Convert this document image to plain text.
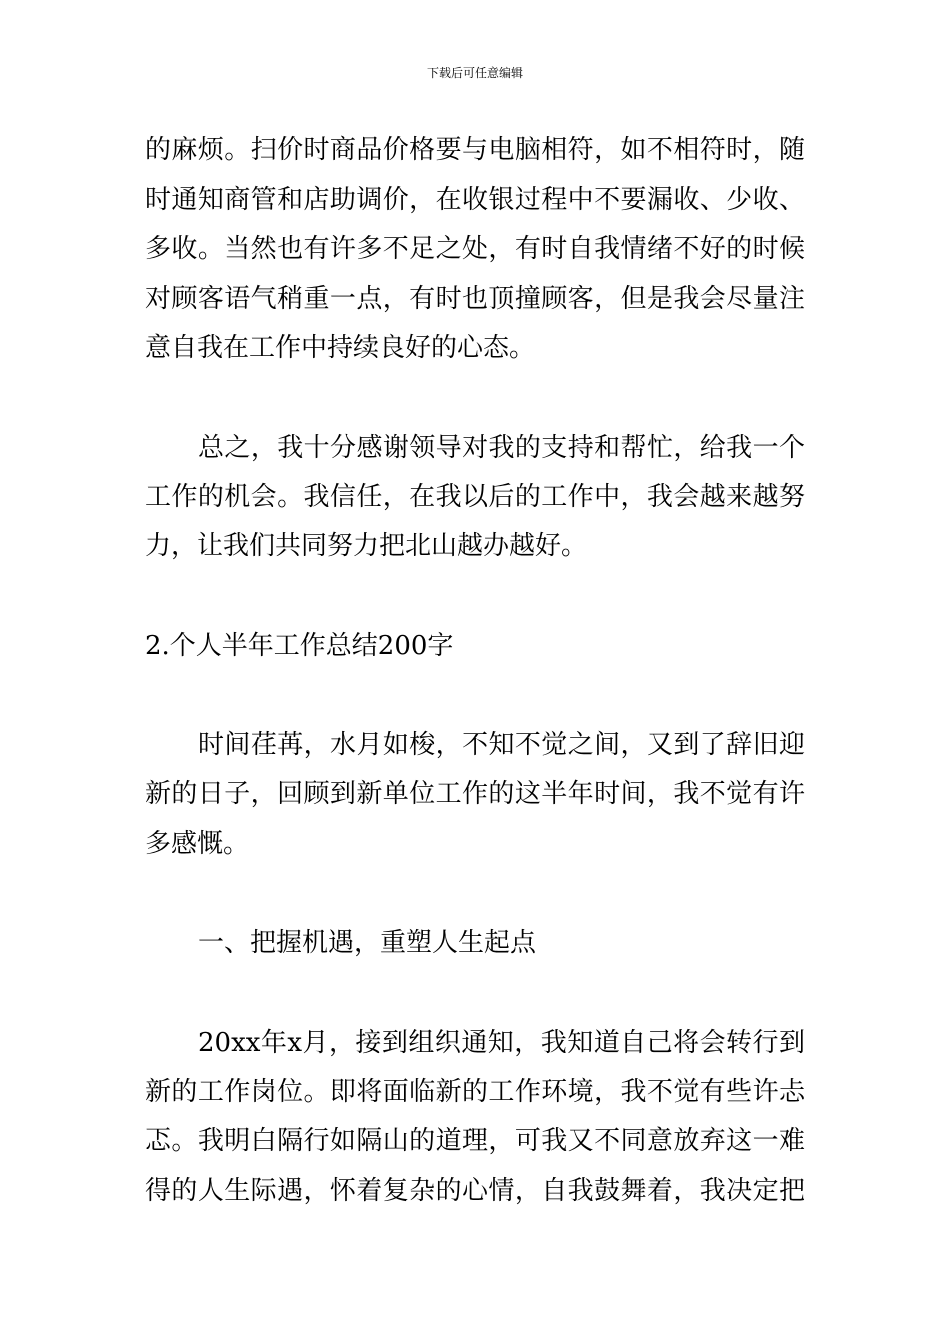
下载后可任意编辑
的麻烦。扫价时商品价格要与电脑相符，如不相符时，随
时通知商管和店助调价，在收银过程中不要漏收、少收、
多收。当然也有许多不足之处，有时自我情绪不好的时候
对顾客语气稍重一点，有时也顶撞顾客，但是我会尽量注
意自我在工作中持续良好的心态。
总之，我十分感谢领导对我的支持和帮忙，给我一个
工作的机会。我信任，在我以后的工作中，我会越来越努
力，让我们共同努力把北山越办越好。
2.个人半年工作总结200字
时间荏苒，水月如梭，不知不觉之间，又到了辞旧迎
新的日子，回顾到新单位工作的这半年时间，我不觉有许
多感慨。
一、把握机遇，重塑人生起点
20xx年x月，接到组织通知，我知道自己将会转行到
新的工作岗位。即将面临新的工作环境，我不觉有些许忐
忑。我明白隔行如隔山的道理，可我又不同意放弃这一难
得的人生际遇，怀着复杂的心情，自我鼓舞着，我决定把
